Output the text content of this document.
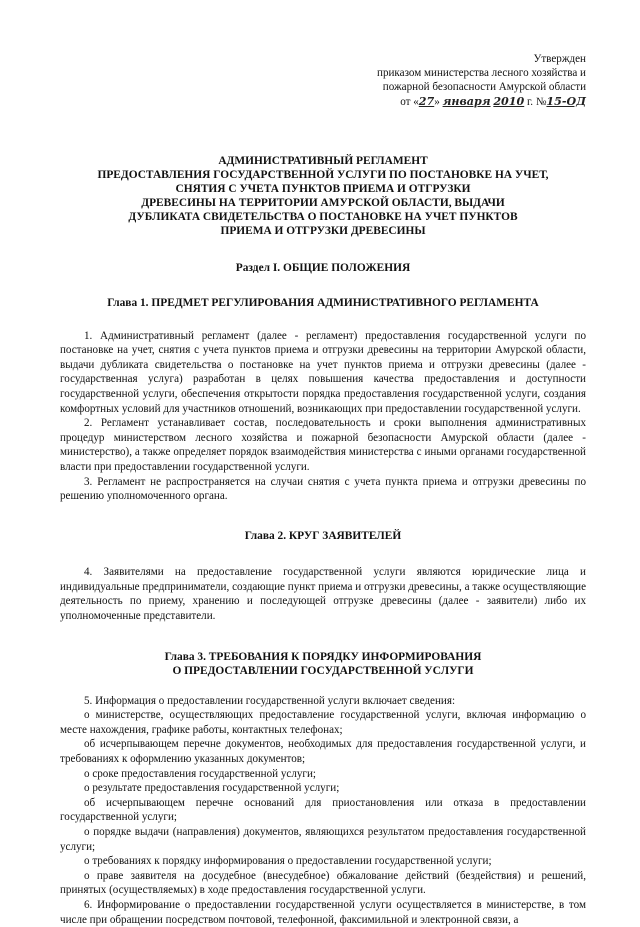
Утвержден
приказом министерства лесного хозяйства и
пожарной безопасности Амурской области
от «27» января 2010 г. №15-ОД
АДМИНИСТРАТИВНЫЙ РЕГЛАМЕНТ
ПРЕДОСТАВЛЕНИЯ ГОСУДАРСТВЕННОЙ УСЛУГИ ПО ПОСТАНОВКЕ НА УЧЕТ,
СНЯТИЯ С УЧЕТА ПУНКТОВ ПРИЕМА И ОТГРУЗКИ
ДРЕВЕСИНЫ НА ТЕРРИТОРИИ АМУРСКОЙ ОБЛАСТИ, ВЫДАЧИ
ДУБЛИКАТА СВИДЕТЕЛЬСТВА О ПОСТАНОВКЕ НА УЧЕТ ПУНКТОВ
ПРИЕМА И ОТГРУЗКИ ДРЕВЕСИНЫ
Раздел I. ОБЩИЕ ПОЛОЖЕНИЯ
Глава 1. ПРЕДМЕТ РЕГУЛИРОВАНИЯ АДМИНИСТРАТИВНОГО РЕГЛАМЕНТА

1. Административный регламент (далее - регламент) предоставления государственной услуги по постановке на учет, снятия с учета пунктов приема и отгрузки древесины на территории Амурской области, выдачи дубликата свидетельства о постановке на учет пунктов приема и отгрузки древесины (далее - государственная услуга) разработан в целях повышения качества предоставления и доступности государственной услуги, обеспечения открытости порядка предоставления государственной услуги, создания комфортных условий для участников отношений, возникающих при предоставлении государственной услуги.

2. Регламент устанавливает состав, последовательность и сроки выполнения административных процедур министерством лесного хозяйства и пожарной безопасности Амурской области (далее - министерство), а также определяет порядок взаимодействия министерства с иными органами государственной власти при предоставлении государственной услуги.

3. Регламент не распространяется на случаи снятия с учета пункта приема и отгрузки древесины по решению уполномоченного органа.

Глава 2. КРУГ ЗАЯВИТЕЛЕЙ

4. Заявителями на предоставление государственной услуги являются юридические лица и индивидуальные предприниматели, создающие пункт приема и отгрузки древесины, а также осуществляющие деятельность по приему, хранению и последующей отгрузке древесины (далее - заявители) либо их уполномоченные представители.

Глава 3. ТРЕБОВАНИЯ К ПОРЯДКУ ИНФОРМИРОВАНИЯ
О ПРЕДОСТАВЛЕНИИ ГОСУДАРСТВЕННОЙ УСЛУГИ

5. Информация о предоставлении государственной услуги включает сведения:

о министерстве, осуществляющих предоставление государственной услуги, включая информацию о месте нахождения, графике работы, контактных телефонах;

об исчерпывающем перечне документов, необходимых для предоставления государственной услуги, и требованиях к оформлению указанных документов;

о сроке предоставления государственной услуги;

о результате предоставления государственной услуги;

об исчерпывающем перечне оснований для приостановления или отказа в предоставлении государственной услуги;

о порядке выдачи (направления) документов, являющихся результатом предоставления государственной услуги;

о требованиях к порядку информирования о предоставлении государственной услуги;

о праве заявителя на досудебное (внесудебное) обжалование действий (бездействия) и решений, принятых (осуществляемых) в ходе предоставления государственной услуги.

6. Информирование о предоставлении государственной услуги осуществляется в министерстве, в том числе при обращении посредством почтовой, телефонной, факсимильной и электронной связи, а
